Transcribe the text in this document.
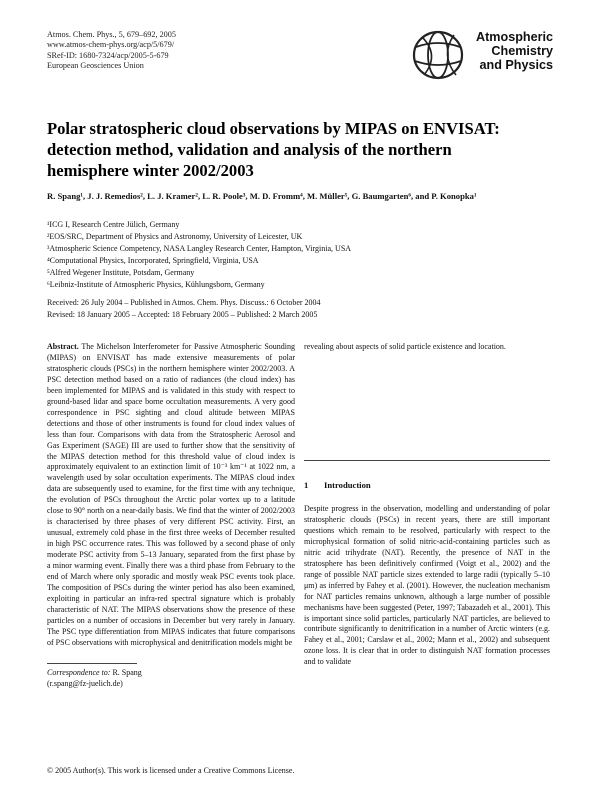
Atmos. Chem. Phys., 5, 679–692, 2005
www.atmos-chem-phys.org/acp/5/679/
SRef-ID: 1680-7324/acp/2005-5-679
European Geosciences Union
Atmospheric
Chemistry
and Physics
Polar stratospheric cloud observations by MIPAS on ENVISAT:
detection method, validation and analysis of the northern
hemisphere winter 2002/2003
R. Spang¹, J. J. Remedios², L. J. Kramer², L. R. Poole³, M. D. Fromm⁴, M. Müller⁵, G. Baumgarten⁶, and P. Konopka¹
¹ICG I, Research Centre Jülich, Germany
²EOS/SRC, Department of Physics and Astronomy, University of Leicester, UK
³Atmospheric Science Competency, NASA Langley Research Center, Hampton, Virginia, USA
⁴Computational Physics, Incorporated, Springfield, Virginia, USA
⁵Alfred Wegener Institute, Potsdam, Germany
⁶Leibniz-Institute of Atmospheric Physics, Kühlungsborn, Germany
Received: 26 July 2004 – Published in Atmos. Chem. Phys. Discuss.: 6 October 2004
Revised: 18 January 2005 – Accepted: 18 February 2005 – Published: 2 March 2005

Abstract. The Michelson Interferometer for Passive Atmospheric Sounding (MIPAS) on ENVISAT has made extensive measurements of polar stratospheric clouds (PSCs) in the northern hemisphere winter 2002/2003. A PSC detection method based on a ratio of radiances (the cloud index) has been implemented for MIPAS and is validated in this study with respect to ground-based lidar and space borne occultation measurements. A very good correspondence in PSC sighting and cloud altitude between MIPAS detections and those of other instruments is found for cloud index values of less than four. Comparisons with data from the Stratospheric Aerosol and Gas Experiment (SAGE) III are used to further show that the sensitivity of the MIPAS detection method for this threshold value of cloud index is approximately equivalent to an extinction limit of 10⁻³ km⁻¹ at 1022 nm, a wavelength used by solar occultation experiments. The MIPAS cloud index data are subsequently used to examine, for the first time with any technique, the evolution of PSCs throughout the Arctic polar vortex up to a latitude close to 90° north on a near-daily basis. We find that the winter of 2002/2003 is characterised by three phases of very different PSC activity. First, an unusual, extremely cold phase in the first three weeks of December resulted in high PSC occurrence rates. This was followed by a second phase of only moderate PSC activity from 5–13 January, separated from the first phase by a minor warming event. Finally there was a third phase from February to the end of March where only sporadic and mostly weak PSC events took place. The composition of PSCs during the winter period has also been examined, exploiting in particular an infra-red spectral signature which is probably characteristic of NAT. The MIPAS observations show the presence of these particles on a number of occasions in December but very rarely in January. The PSC type differentiation from MIPAS indicates that future comparisons of PSC observations with microphysical and denitrification models might be

revealing about aspects of solid particle existence and location.

1 Introduction

Despite progress in the observation, modelling and understanding of polar stratospheric clouds (PSCs) in recent years, there are still important questions which remain to be resolved, particularly with respect to the microphysical formation of solid nitric-acid-containing particles such as nitric acid trihydrate (NAT). Recently, the presence of NAT in the stratosphere has been definitively confirmed (Voigt et al., 2002) and the range of possible NAT particle sizes extended to large radii (typically 5–10 μm) as inferred by Fahey et al. (2001). However, the nucleation mechanism for NAT particles remains unknown, although a large number of possible mechanisms have been suggested (Peter, 1997; Tabazadeh et al., 2001). This is important since solid particles, particularly NAT particles, are believed to contribute significantly to denitrification in a number of Arctic winters (e.g. Fahey et al., 2001; Carslaw et al., 2002; Mann et al., 2002) and subsequent ozone loss. It is clear that in order to distinguish NAT formation processes and to validate

Correspondence to: R. Spang
(r.spang@fz-juelich.de)
© 2005 Author(s). This work is licensed under a Creative Commons License.
